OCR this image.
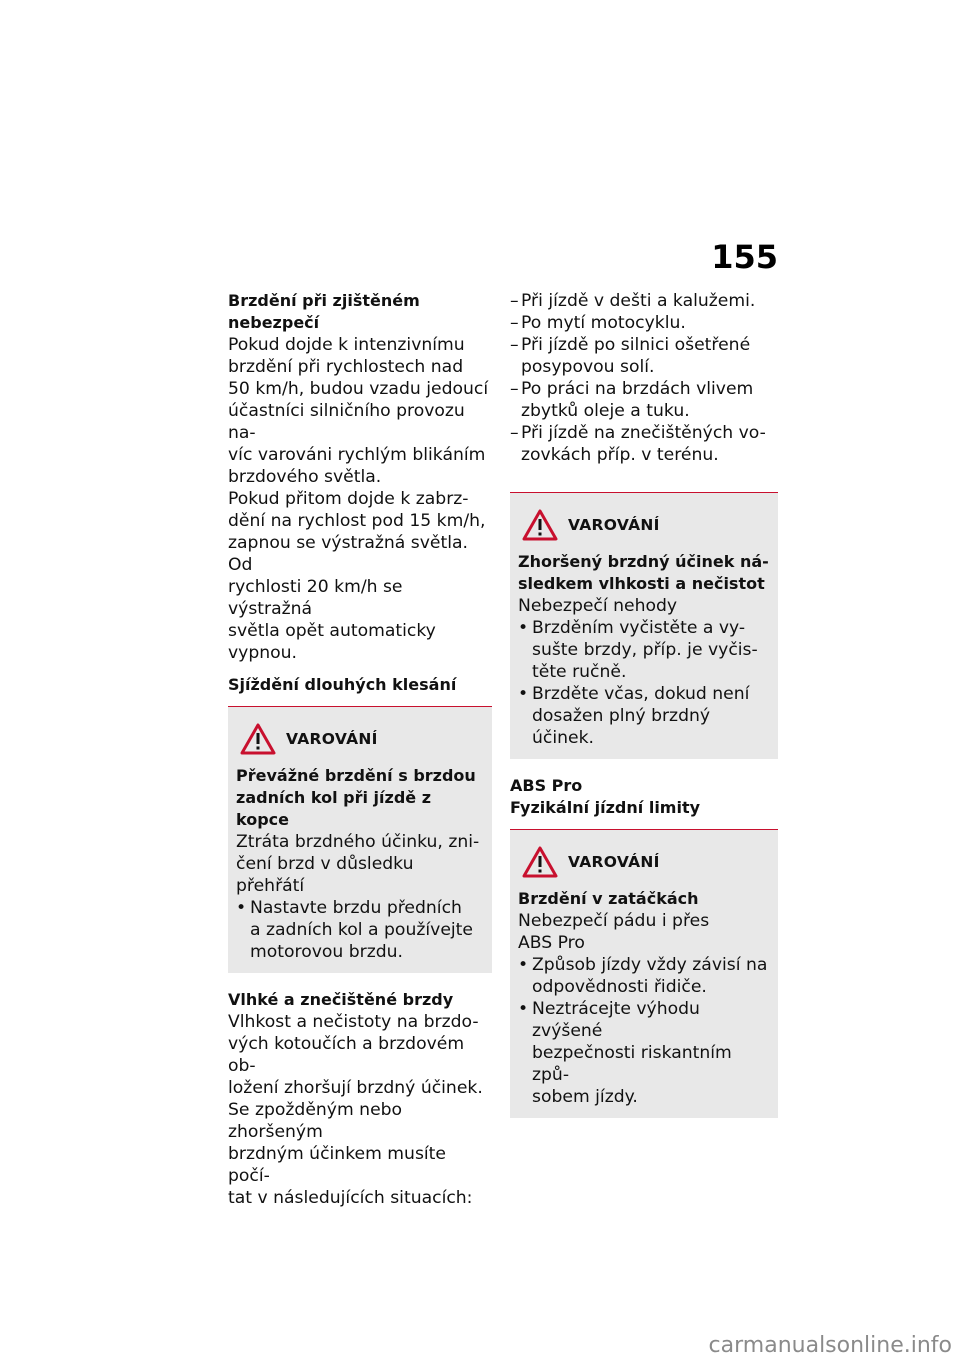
155
Brzdění při zjištěném
nebezpečí
Pokud dojde k intenzivnímu
brzdění při rychlostech nad
50 km/h, budou vzadu jedoucí
účastníci silničního provozu na-
víc varováni rychlým blikáním
brzdového světla.
Pokud přitom dojde k zabrz-
dění na rychlost pod 15 km/h,
zapnou se výstražná světla. Od
rychlosti 20 km/h se výstražná
světla opět automaticky vypnou.
Sjíždění dlouhých klesání
VAROVÁNÍ
Převážné brzdění s brzdou
zadních kol při jízdě z kopce
Ztráta brzdného účinku, zni-
čení brzd v důsledku přehřátí
• Nastavte brzdu předních
a zadních kol a používejte
motorovou brzdu.
Vlhké a znečištěné brzdy
Vlhkost a nečistoty na brzdo-
vých kotoučích a brzdovém ob-
ložení zhoršují brzdný účinek.
Se zpožděným nebo zhoršeným
brzdným účinkem musíte počí-
tat v následujících situacích:
– Při jízdě v dešti a kalužemi.
– Po mytí motocyklu.
– Při jízdě po silnici ošetřené
posypovou solí.
– Po práci na brzdách vlivem
zbytků oleje a tuku.
– Při jízdě na znečištěných vo-
zovkách příp. v terénu.
VAROVÁNÍ
Zhoršený brzdný účinek ná-
sledkem vlhkosti a nečistot
Nebezpečí nehody
• Brzděním vyčistěte a vy-
sušte brzdy, příp. je vyčis-
těte ručně.
• Brzděte včas, dokud není
dosažen plný brzdný účinek.
ABS Pro
Fyzikální jízdní limity
VAROVÁNÍ
Brzdění v zatáčkách
Nebezpečí pádu i přes
ABS Pro
• Způsob jízdy vždy závisí na
odpovědnosti řidiče.
• Neztrácejte výhodu zvýšené
bezpečnosti riskantním způ-
sobem jízdy.
carmanualsonline.info
